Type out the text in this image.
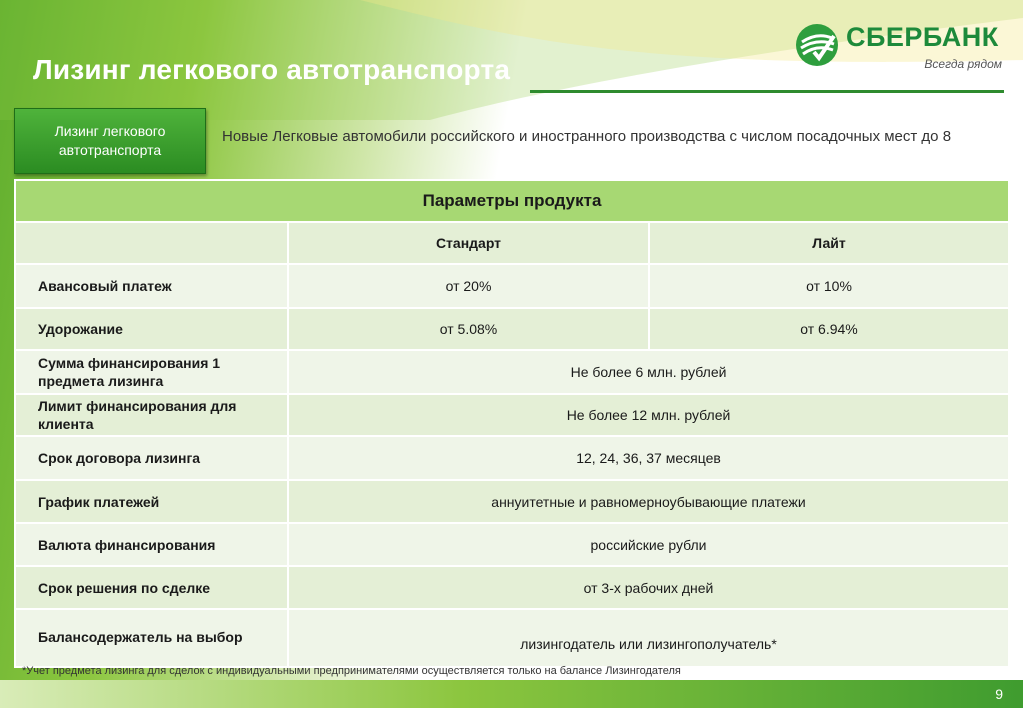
Лизинг легкового автотранспорта
СБЕРБАНК
Всегда рядом
Лизинг легкового автотранспорта
Новые Легковые автомобили российского и иностранного производства с числом посадочных мест до 8
Параметры продукта		
	Стандарт	Лайт
Авансовый платеж	от 20%	от 10%
Удорожание	от 5.08%	от 6.94%
Сумма финансирования 1 предмета лизинга	Не более 6 млн. рублей	
Лимит финансирования для клиента	Не более 12 млн. рублей	
Срок договора лизинга	12, 24, 36, 37 месяцев	
График платежей	аннуитетные и равномерноубывающие платежи	
Валюта финансирования	российские рубли	
Срок решения по сделке	от 3-х рабочих дней	
Балансодержатель на выбор	лизингодатель или лизингополучатель*	
*Учет предмета лизинга для сделок с индивидуальными предпринимателями осуществляется только на балансе Лизингодателя
9
